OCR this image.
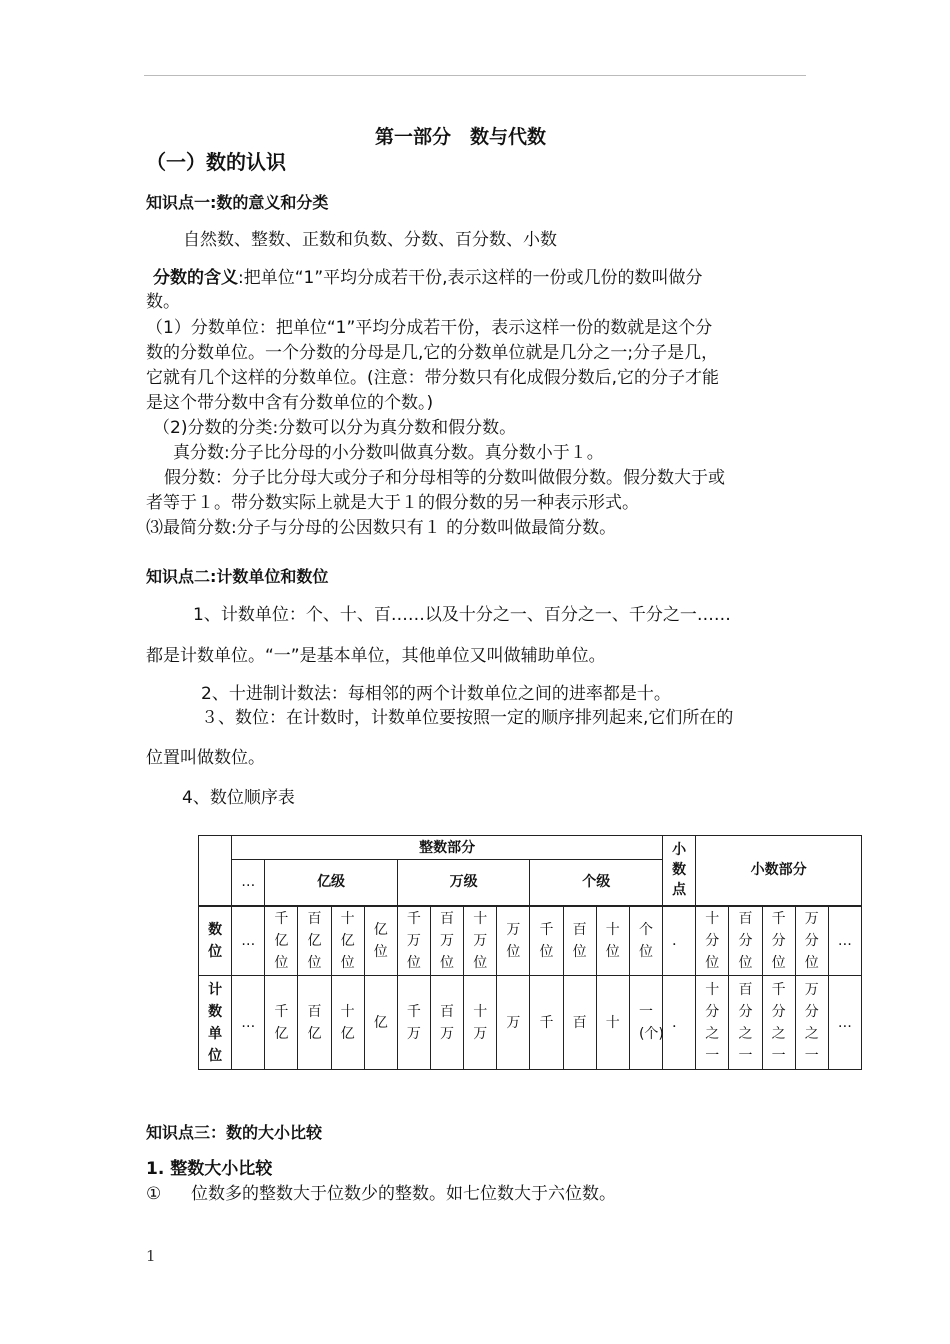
第一部分　数与代数
（一）数的认识
知识点一:数的意义和分类
自然数、整数、正数和负数、分数、百分数、小数
分数的含义:把单位“1”平均分成若干份,表示这样的一份或几份的数叫做分
数。
（1）分数单位：把单位“1”平均分成若干份，表示这样一份的数就是这个分
数的分数单位。一个分数的分母是几,它的分数单位就是几分之一;分子是几，
它就有几个这样的分数单位。(注意：带分数只有化成假分数后,它的分子才能
是这个带分数中含有分数单位的个数。)
（2)分数的分类:分数可以分为真分数和假分数。
真分数:分子比分母的小分数叫做真分数。真分数小于１。
假分数：分子比分母大或分子和分母相等的分数叫做假分数。假分数大于或
者等于１。带分数实际上就是大于１的假分数的另一种表示形式。
⑶最简分数:分子与分母的公因数只有１ 的分数叫做最简分数。
知识点二:计数单位和数位
1、计数单位：个、十、百……以及十分之一、百分之一、千分之一……
都是计数单位。“一”是基本单位，其他单位又叫做辅助单位。
2、十进制计数法：每相邻的两个计数单位之间的进率都是十。
３、数位：在计数时，计数单位要按照一定的顺序排列起来,它们所在的
位置叫做数位。
4、数位顺序表
	整数部分													小数点	小数部分				
	…	亿级				万级				个级									

数位	…	千亿位	百亿位	十亿位	亿位	千万位	百万位	十万位	万位	千位	百位	十位	个位	．	十分位	百分位	千分位	万分位	…

计数单位	…	千亿	百亿	十亿	亿	千万	百万	十万	万	千	百	十	一(个)	．	十分之一	百分之一	千分之一	万分之一	…
知识点三：数的大小比较
1. 整数大小比较
① 位数多的整数大于位数少的整数。如七位数大于六位数。
1
